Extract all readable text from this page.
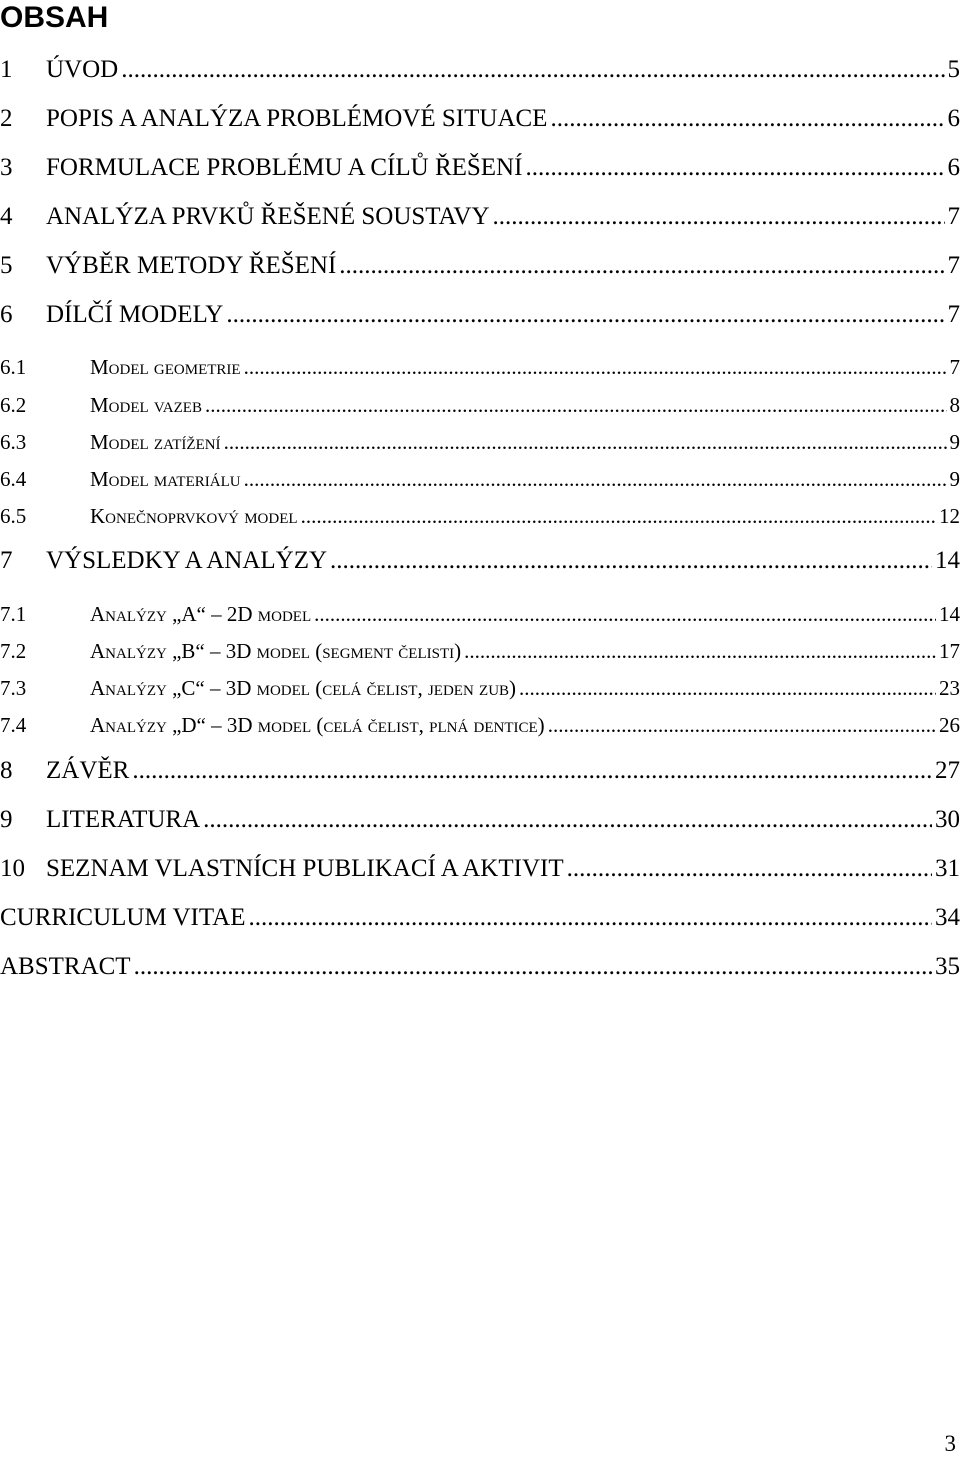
OBSAH
1	ÚVOD .....	5
2	POPIS A ANALÝZA PROBLÉMOVÉ SITUACE .....	6
3	FORMULACE PROBLÉMU A CÍLŮ ŘEŠENÍ .....	6
4	ANALÝZA PRVKŮ ŘEŠENÉ SOUSTAVY .....	7
5	VÝBĚR METODY ŘEŠENÍ .....	7
6	DÍLČÍ MODELY .....	7
6.1	Model geometrie .....	7
6.2	Model vazeb .....	8
6.3	Model zatížení .....	9
6.4	Model materiálu .....	9
6.5	Konečnoprvkový model .....	12
7	VÝSLEDKY A ANALÝZY .....	14
7.1	Analýzy „A“ – 2D model .....	14
7.2	Analýzy „B“ – 3D model (segment čelisti) .....	17
7.3	Analýzy „C“ – 3D model (celá čelist, jeden zub) .....	23
7.4	Analýzy „D“ – 3D model (celá čelist, plná dentice) .....	26
8	ZÁVĚR .....	27
9	LITERATURA .....	30
10 SEZNAM VLASTNÍCH PUBLIKACÍ A AKTIVIT .....	31
CURRICULUM VITAE .....	34
ABSTRACT .....	35
3
